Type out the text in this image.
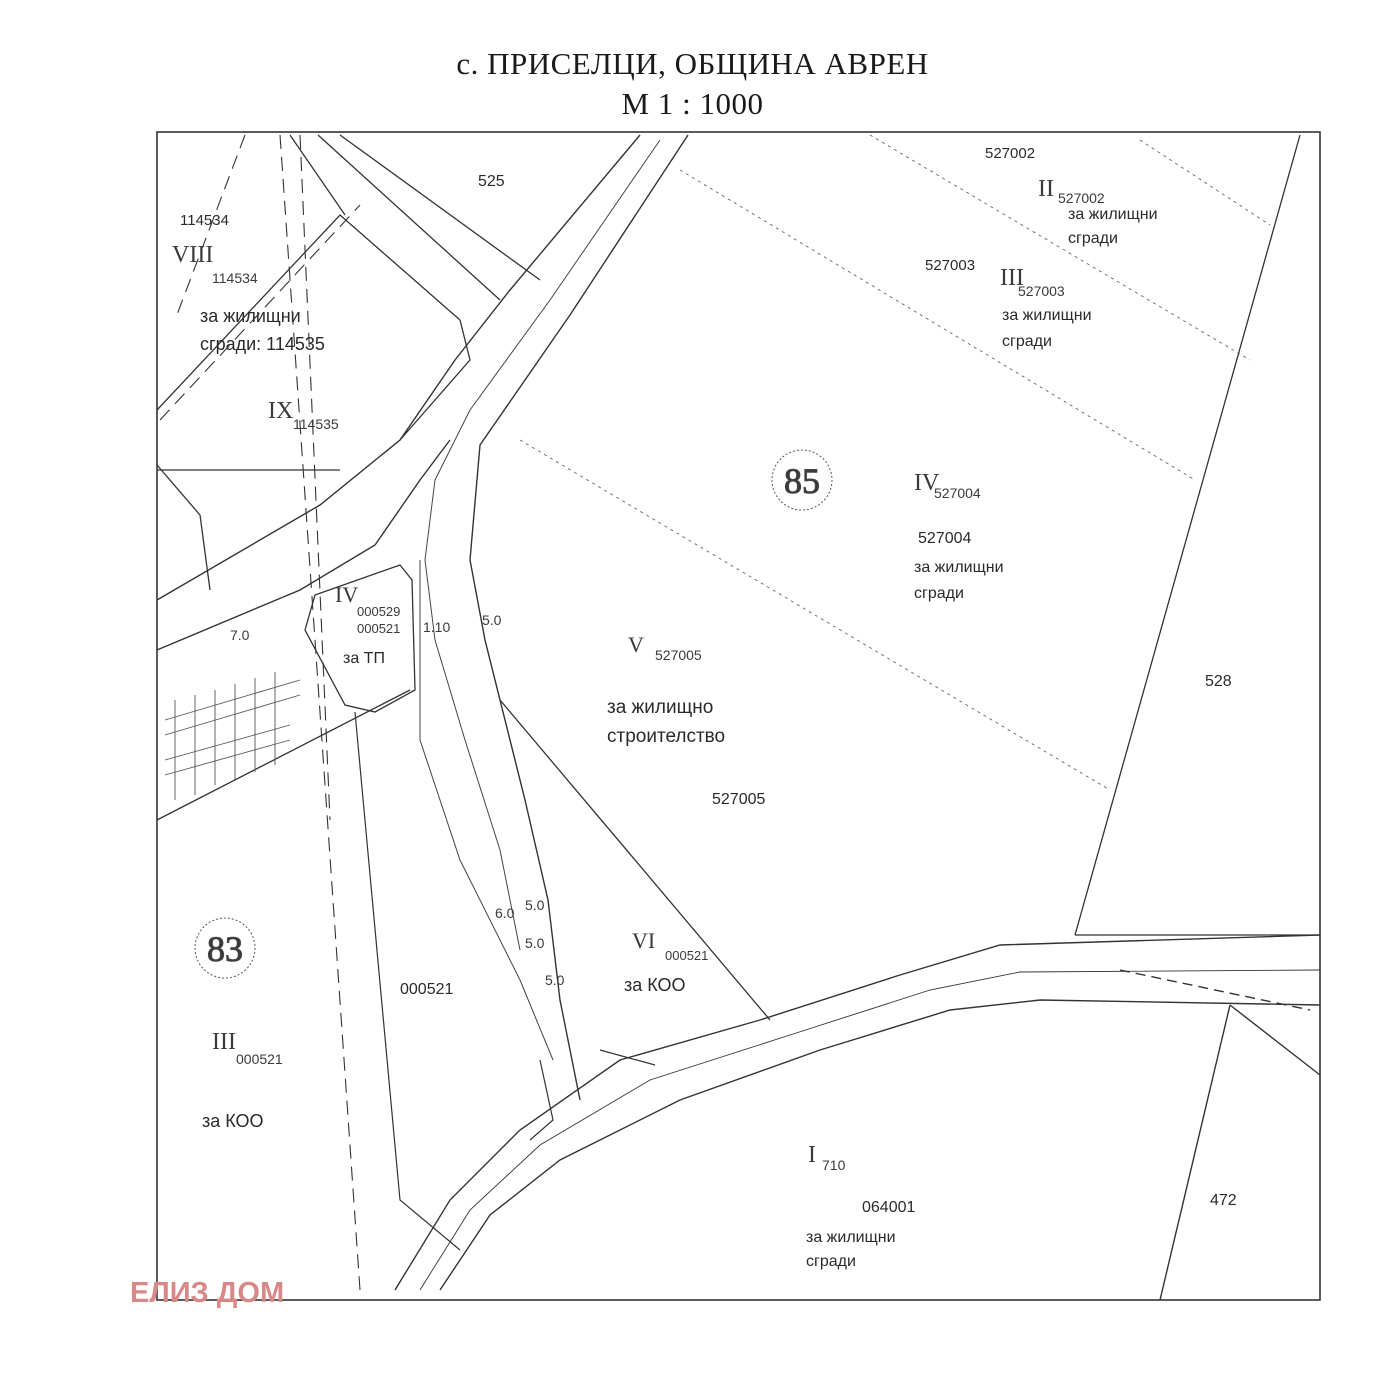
с. ПРИСЕЛЦИ, ОБЩИНА АВРЕН
М 1 : 1000
85
83
525
527002
II 527002
за жилищни
сгради
527003 III
527003
за жилищни
сгради
114534
VIII
114534
за жилищни
сгради: 114535
IX 114535
IV
527004
527004
за жилищни
сгради
V 527005
за жилищно
строителство
527005
528
IV
000529
000521
за ТП
VI
000521
за КОО
000521
III
000521
за КОО
I 710
064001
за жилищни
сгради
472
1.10 5.0
6.0 5.0
5.0
5.0
7.0
ЕЛИЗ ДОМ
